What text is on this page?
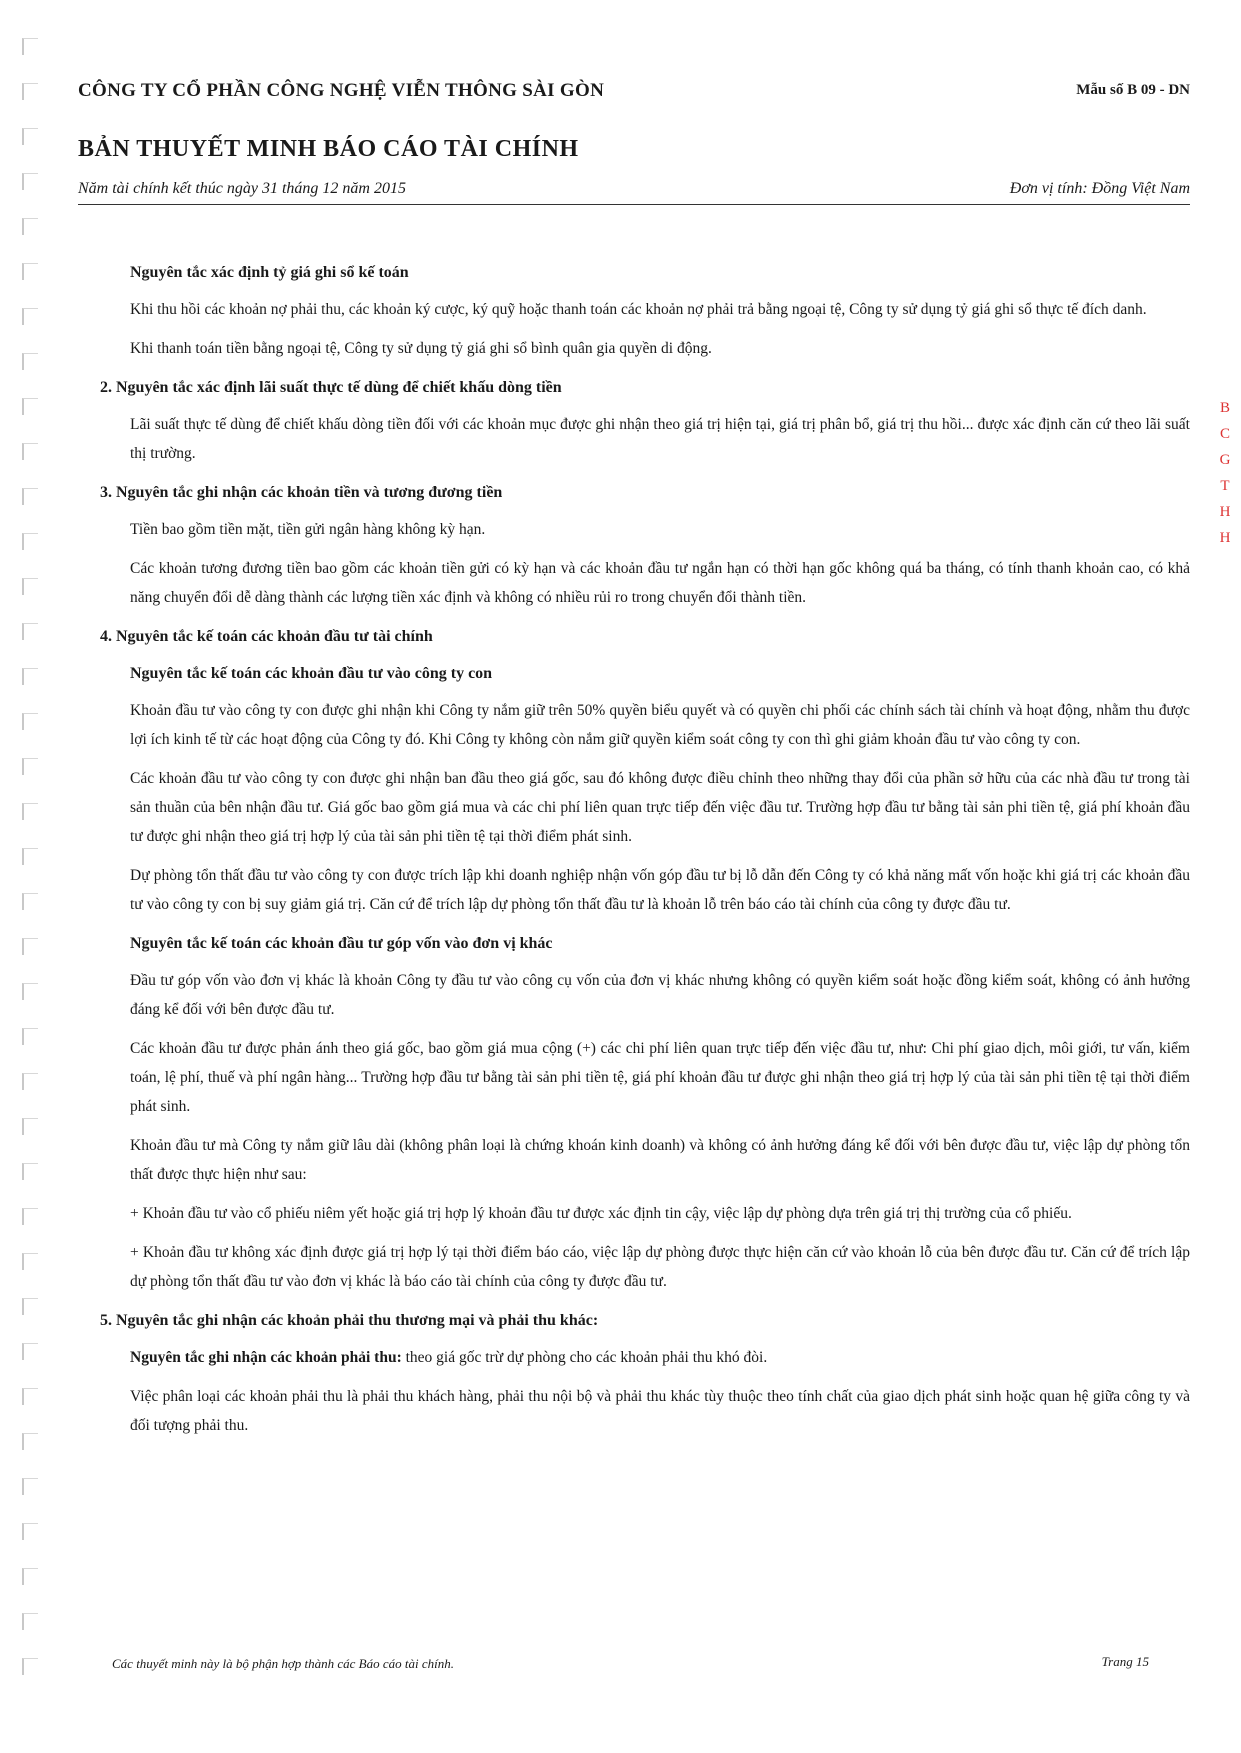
CÔNG TY CỔ PHẦN CÔNG NGHỆ VIỄN THÔNG SÀI GÒN	Mẫu số B 09 - DN
BẢN THUYẾT MINH BÁO CÁO TÀI CHÍNH
Năm tài chính kết thúc ngày 31 tháng 12 năm 2015	Đơn vị tính: Đồng Việt Nam
Nguyên tắc xác định tỷ giá ghi sổ kế toán

Khi thu hồi các khoản nợ phải thu, các khoản ký cược, ký quỹ hoặc thanh toán các khoản nợ phải trả bằng ngoại tệ, Công ty sử dụng tỷ giá ghi sổ thực tế đích danh.

Khi thanh toán tiền bằng ngoại tệ, Công ty sử dụng tỷ giá ghi sổ bình quân gia quyền di động.

2. Nguyên tắc xác định lãi suất thực tế dùng để chiết khấu dòng tiền

Lãi suất thực tế dùng để chiết khấu dòng tiền đối với các khoản mục được ghi nhận theo giá trị hiện tại, giá trị phân bổ, giá trị thu hồi... được xác định căn cứ theo lãi suất thị trường.

3. Nguyên tắc ghi nhận các khoản tiền và tương đương tiền

Tiền bao gồm tiền mặt, tiền gửi ngân hàng không kỳ hạn.

Các khoản tương đương tiền bao gồm các khoản tiền gửi có kỳ hạn và các khoản đầu tư ngắn hạn có thời hạn gốc không quá ba tháng, có tính thanh khoản cao, có khả năng chuyển đổi dễ dàng thành các lượng tiền xác định và không có nhiều rủi ro trong chuyển đổi thành tiền.

4. Nguyên tắc kế toán các khoản đầu tư tài chính
Nguyên tắc kế toán các khoản đầu tư vào công ty con

Khoản đầu tư vào công ty con được ghi nhận khi Công ty nắm giữ trên 50% quyền biểu quyết và có quyền chi phối các chính sách tài chính và hoạt động, nhằm thu được lợi ích kinh tế từ các hoạt động của Công ty đó. Khi Công ty không còn nắm giữ quyền kiểm soát công ty con thì ghi giảm khoản đầu tư vào công ty con.

Các khoản đầu tư vào công ty con được ghi nhận ban đầu theo giá gốc, sau đó không được điều chỉnh theo những thay đổi của phần sở hữu của các nhà đầu tư trong tài sản thuần của bên nhận đầu tư. Giá gốc bao gồm giá mua và các chi phí liên quan trực tiếp đến việc đầu tư. Trường hợp đầu tư bằng tài sản phi tiền tệ, giá phí khoản đầu tư được ghi nhận theo giá trị hợp lý của tài sản phi tiền tệ tại thời điểm phát sinh.

Dự phòng tổn thất đầu tư vào công ty con được trích lập khi doanh nghiệp nhận vốn góp đầu tư bị lỗ dẫn đến Công ty có khả năng mất vốn hoặc khi giá trị các khoản đầu tư vào công ty con bị suy giảm giá trị. Căn cứ để trích lập dự phòng tổn thất đầu tư là khoản lỗ trên báo cáo tài chính của công ty được đầu tư.

Nguyên tắc kế toán các khoản đầu tư góp vốn vào đơn vị khác

Đầu tư góp vốn vào đơn vị khác là khoản Công ty đầu tư vào công cụ vốn của đơn vị khác nhưng không có quyền kiểm soát hoặc đồng kiểm soát, không có ảnh hưởng đáng kể đối với bên được đầu tư.

Các khoản đầu tư được phản ánh theo giá gốc, bao gồm giá mua cộng (+) các chi phí liên quan trực tiếp đến việc đầu tư, như: Chi phí giao dịch, môi giới, tư vấn, kiểm toán, lệ phí, thuế và phí ngân hàng... Trường hợp đầu tư bằng tài sản phi tiền tệ, giá phí khoản đầu tư được ghi nhận theo giá trị hợp lý của tài sản phi tiền tệ tại thời điểm phát sinh.

Khoản đầu tư mà Công ty nắm giữ lâu dài (không phân loại là chứng khoán kinh doanh) và không có ảnh hưởng đáng kể đối với bên được đầu tư, việc lập dự phòng tổn thất được thực hiện như sau:

+ Khoản đầu tư vào cổ phiếu niêm yết hoặc giá trị hợp lý khoản đầu tư được xác định tin cậy, việc lập dự phòng dựa trên giá trị thị trường của cổ phiếu.

+ Khoản đầu tư không xác định được giá trị hợp lý tại thời điểm báo cáo, việc lập dự phòng được thực hiện căn cứ vào khoản lỗ của bên được đầu tư. Căn cứ để trích lập dự phòng tổn thất đầu tư vào đơn vị khác là báo cáo tài chính của công ty được đầu tư.

5. Nguyên tắc ghi nhận các khoản phải thu thương mại và phải thu khác:

Nguyên tắc ghi nhận các khoản phải thu: theo giá gốc trừ dự phòng cho các khoản phải thu khó đòi.

Việc phân loại các khoản phải thu là phải thu khách hàng, phải thu nội bộ và phải thu khác tùy thuộc theo tính chất của giao dịch phát sinh hoặc quan hệ giữa công ty và đối tượng phải thu.

B
C
G
T
H
H
Các thuyết minh này là bộ phận hợp thành các Báo cáo tài chính.	Trang 15
